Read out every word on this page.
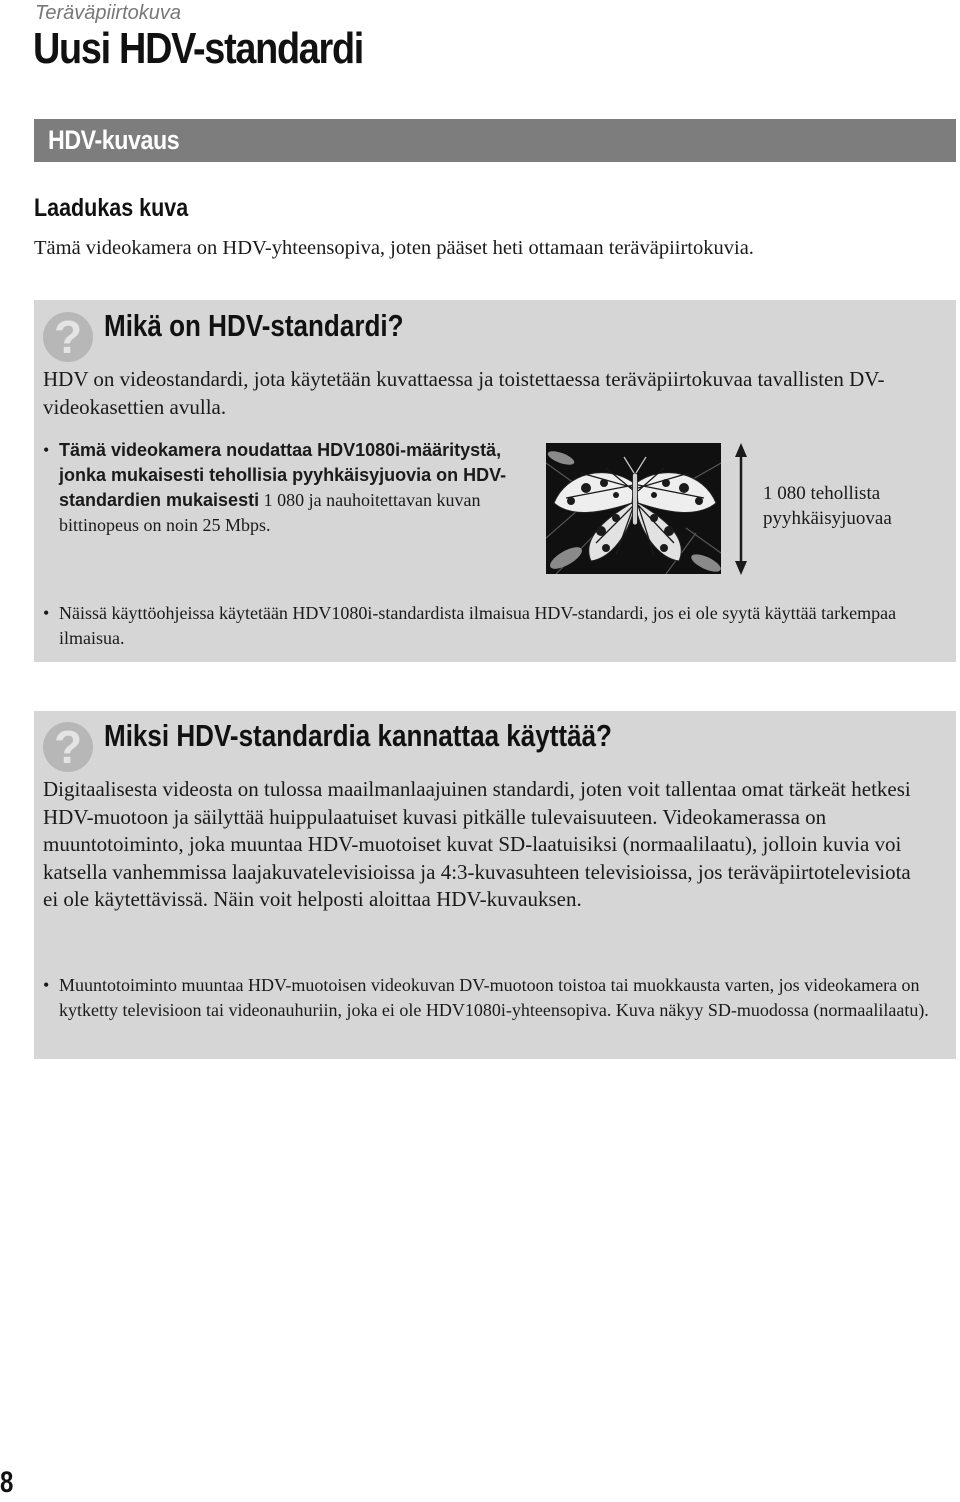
Teräväpiirtokuva
Uusi HDV-standardi
HDV-kuvaus
Laadukas kuva
Tämä videokamera on HDV-yhteensopiva, joten pääset heti ottamaan teräväpiirtokuvia.
? Mikä on HDV-standardi?
HDV on videostandardi, jota käytetään kuvattaessa ja toistettaessa teräväpiirtokuvaa tavallisten DV-videokasettien avulla.
• Tämä videokamera noudattaa HDV1080i-määritystä, jonka mukaisesti tehollisia pyyhkäisyjuovia on HDV-standardien mukaisesti 1 080 ja nauhoitettavan kuvan bittinopeus on noin 25 Mbps.
1 080 tehollista pyyhkäisyjuovaa
• Näissä käyttöohjeissa käytetään HDV1080i-standardista ilmaisua HDV-standardi, jos ei ole syytä käyttää tarkempaa ilmaisua.
? Miksi HDV-standardia kannattaa käyttää?
Digitaalisesta videosta on tulossa maailmanlaajuinen standardi, joten voit tallentaa omat tärkeät hetkesi HDV-muotoon ja säilyttää huippulaatuiset kuvasi pitkälle tulevaisuuteen. Videokamerassa on muuntotoiminto, joka muuntaa HDV-muotoiset kuvat SD-laatuisiksi (normaalilaatu), jolloin kuvia voi katsella vanhemmissa laajakuvatelevisioissa ja 4:3-kuvasuhteen televisioissa, jos teräväpiirtotelevisiota ei ole käytettävissä. Näin voit helposti aloittaa HDV-kuvauksen.
• Muuntotoiminto muuntaa HDV-muotoisen videokuvan DV-muotoon toistoa tai muokkausta varten, jos videokamera on kytketty televisioon tai videonauhuriin, joka ei ole HDV1080i-yhteensopiva. Kuva näkyy SD-muodossa (normaalilaatu).
8
